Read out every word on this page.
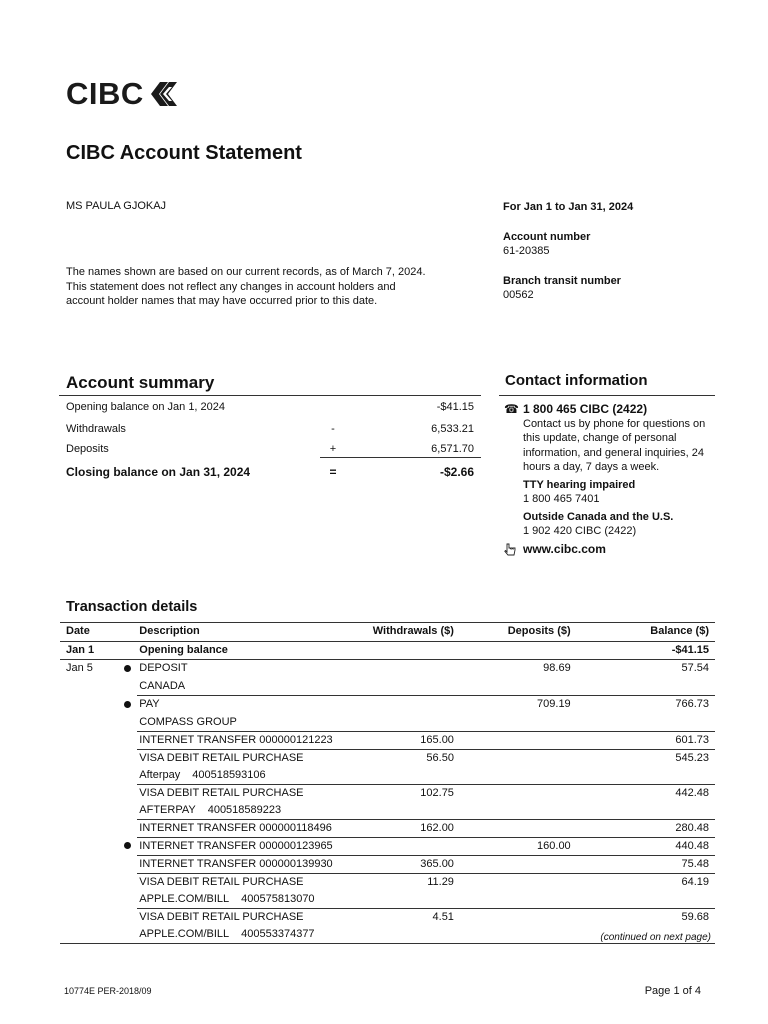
CIBC
CIBC Account Statement
MS PAULA GJOKAJ
The names shown are based on our current records, as of March 7, 2024. This statement does not reflect any changes in account holders and account holder names that may have occurred prior to this date.
For Jan 1 to Jan 31, 2024
Account number
61-20385
Branch transit number
00562
Account summary
Opening balance on Jan 1, 2024	-$41.15
Withdrawals	-	6,533.21
Deposits	+	6,571.70
Closing balance on Jan 31, 2024	=	-$2.66
Contact information
☎ 1 800 465 CIBC (2422)
Contact us by phone for questions on this update, change of personal information, and general inquiries, 24 hours a day, 7 days a week.
TTY hearing impaired
1 800 465 7401
Outside Canada and the U.S.
1 902 420 CIBC (2422)
www.cibc.com
Transaction details
Date		Description	Withdrawals ($)	Deposits ($)	Balance ($)
Jan 1		Opening balance			-$41.15
Jan 5		DEPOSIT		98.69	57.54
		CANADA			
		PAY		709.19	766.73
		COMPASS GROUP			
		INTERNET TRANSFER 000000121223	165.00		601.73
		VISA DEBIT RETAIL PURCHASE	56.50		545.23
		Afterpay 400518593106			
		VISA DEBIT RETAIL PURCHASE	102.75		442.48
		AFTERPAY 400518589223			
		INTERNET TRANSFER 000000118496	162.00		280.48
		INTERNET TRANSFER 000000123965		160.00	440.48
		INTERNET TRANSFER 000000139930	365.00		75.48
		VISA DEBIT RETAIL PURCHASE	11.29		64.19
		APPLE.COM/BILL 400575813070			
		VISA DEBIT RETAIL PURCHASE	4.51		59.68
		APPLE.COM/BILL 400553374377				(continued on next page)
10774E PER-2018/09	Page 1 of 4
